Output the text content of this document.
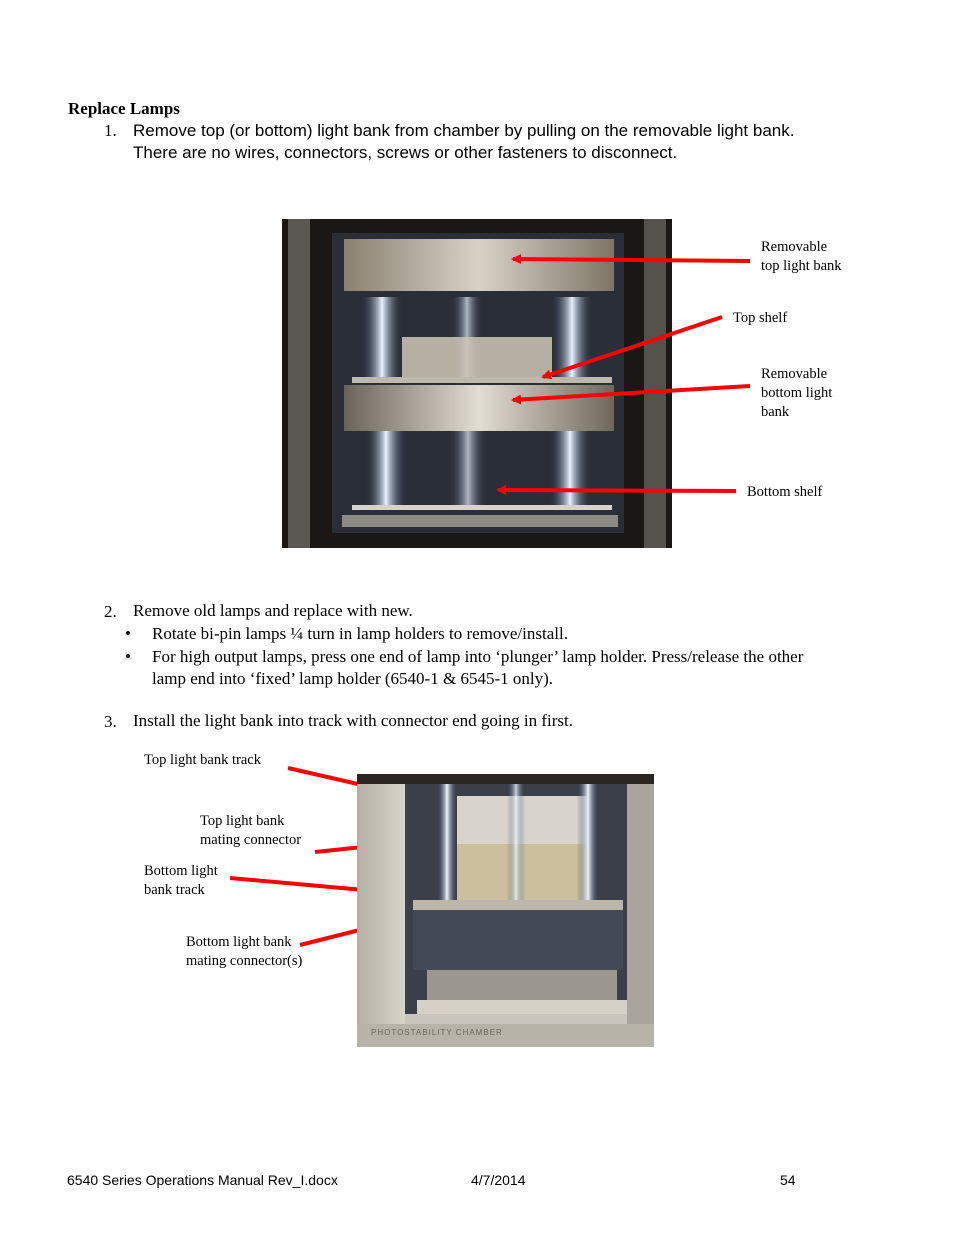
Replace Lamps
1. Remove top (or bottom) light bank from chamber by pulling on the removable light bank.
There are no wires, connectors, screws or other fasteners to disconnect.
Removable
top light bank
Top shelf
Removable
bottom light
bank
Bottom shelf
2. Remove old lamps and replace with new.
• Rotate bi-pin lamps ¼ turn in lamp holders to remove/install.
• For high output lamps, press one end of lamp into ‘plunger’ lamp holder. Press/release the other
lamp end into ‘fixed’ lamp holder (6540-1 & 6545-1 only).
3. Install the light bank into track with connector end going in first.
PHOTOSTABILITY CHAMBER
Top light bank track
Top light bank
mating connector
Bottom light
bank track
Bottom light bank
mating connector(s)
6540 Series Operations Manual Rev_I.docx	4/7/2014	54
